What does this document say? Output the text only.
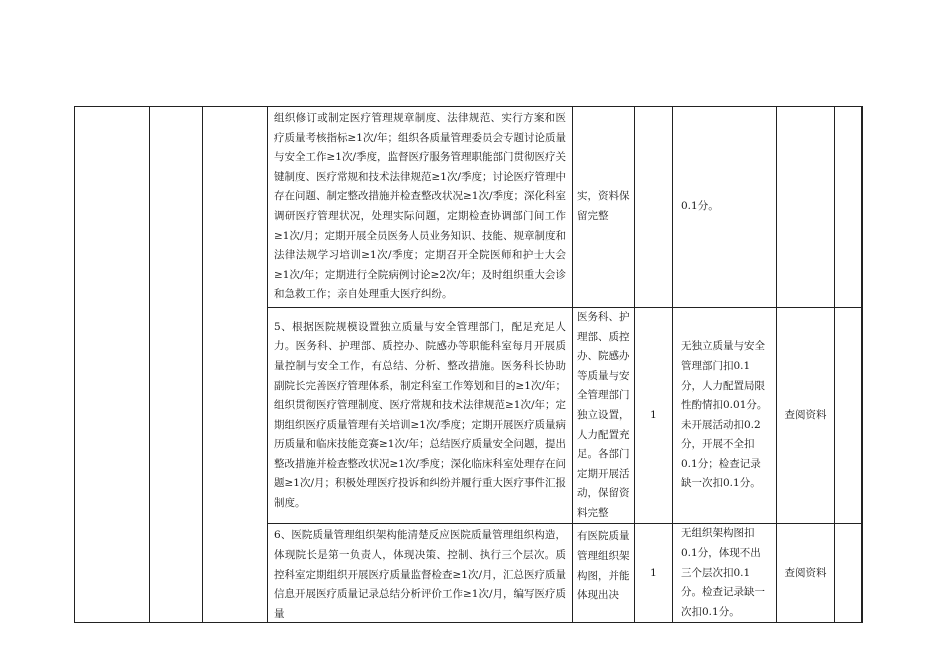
			组织修订或制定医疗管理规章制度、法律规范、实行方案和医疗质量考核指标≥1次/年；组织各质量管理委员会专题讨论质量与安全工作≥1次/季度，监督医疗服务管理职能部门贯彻医疗关键制度、医疗常规和技术法律规范≥1次/季度；讨论医疗管理中存在问题、制定整改措施并检查整改状况≥1次/季度；深化科室调研医疗管理状况，处理实际问题，定期检查协调部门间工作≥1次/月；定期开展全员医务人员业务知识、技能、规章制度和法律法规学习培训≥1次/季度；定期召开全院医师和护士大会≥1次/年；定期进行全院病例讨论≥2次/年；及时组织重大会诊和急救工作；亲自处理重大医疗纠纷。	实，资料保留完整		0.1分。			
			5、根据医院规模设置独立质量与安全管理部门，配足充足人力。医务科、护理部、质控办、院感办等职能科室每月开展质量控制与安全工作，有总结、分析、整改措施。医务科长协助副院长完善医疗管理体系，制定科室工作筹划和目的≥1次/年；组织贯彻医疗管理制度、医疗常规和技术法律规范≥1次/年；定期组织医疗质量管理有关培训≥1次/季度；定期开展医疗质量病历质量和临床技能竞赛≥1次/年；总结医疗质量安全问题，提出整改措施并检查整改状况≥1次/季度；深化临床科室处理存在问题≥1次/月；积极处理医疗投诉和纠纷并履行重大医疗事件汇报制度。	医务科、护理部、质控办、院感办等质量与安全管理部门独立设置，人力配置充足。各部门定期开展活动，保留资料完整	1	无独立质量与安全管理部门扣0.1分，人力配置局限性酌情扣0.01分。未开展活动扣0.2分，开展不全扣0.1分；检查记录缺一次扣0.1分。	查阅资料		

			6、医院质量管理组织架构能清楚反应医院质量管理组织构造，体现院长是第一负责人，体现决策、控制、执行三个层次。质控科室定期组织开展医疗质量监督检查≥1次/月，汇总医疗质量信息开展医疗质量记录总结分析评价工作≥1次/月，编写医疗质量	有医院质量管理组织架构图，并能体现出决	1	无组织架构图扣0.1分，体现不出三个层次扣0.1分。检查记录缺一次扣0.1分。	查阅资料		
